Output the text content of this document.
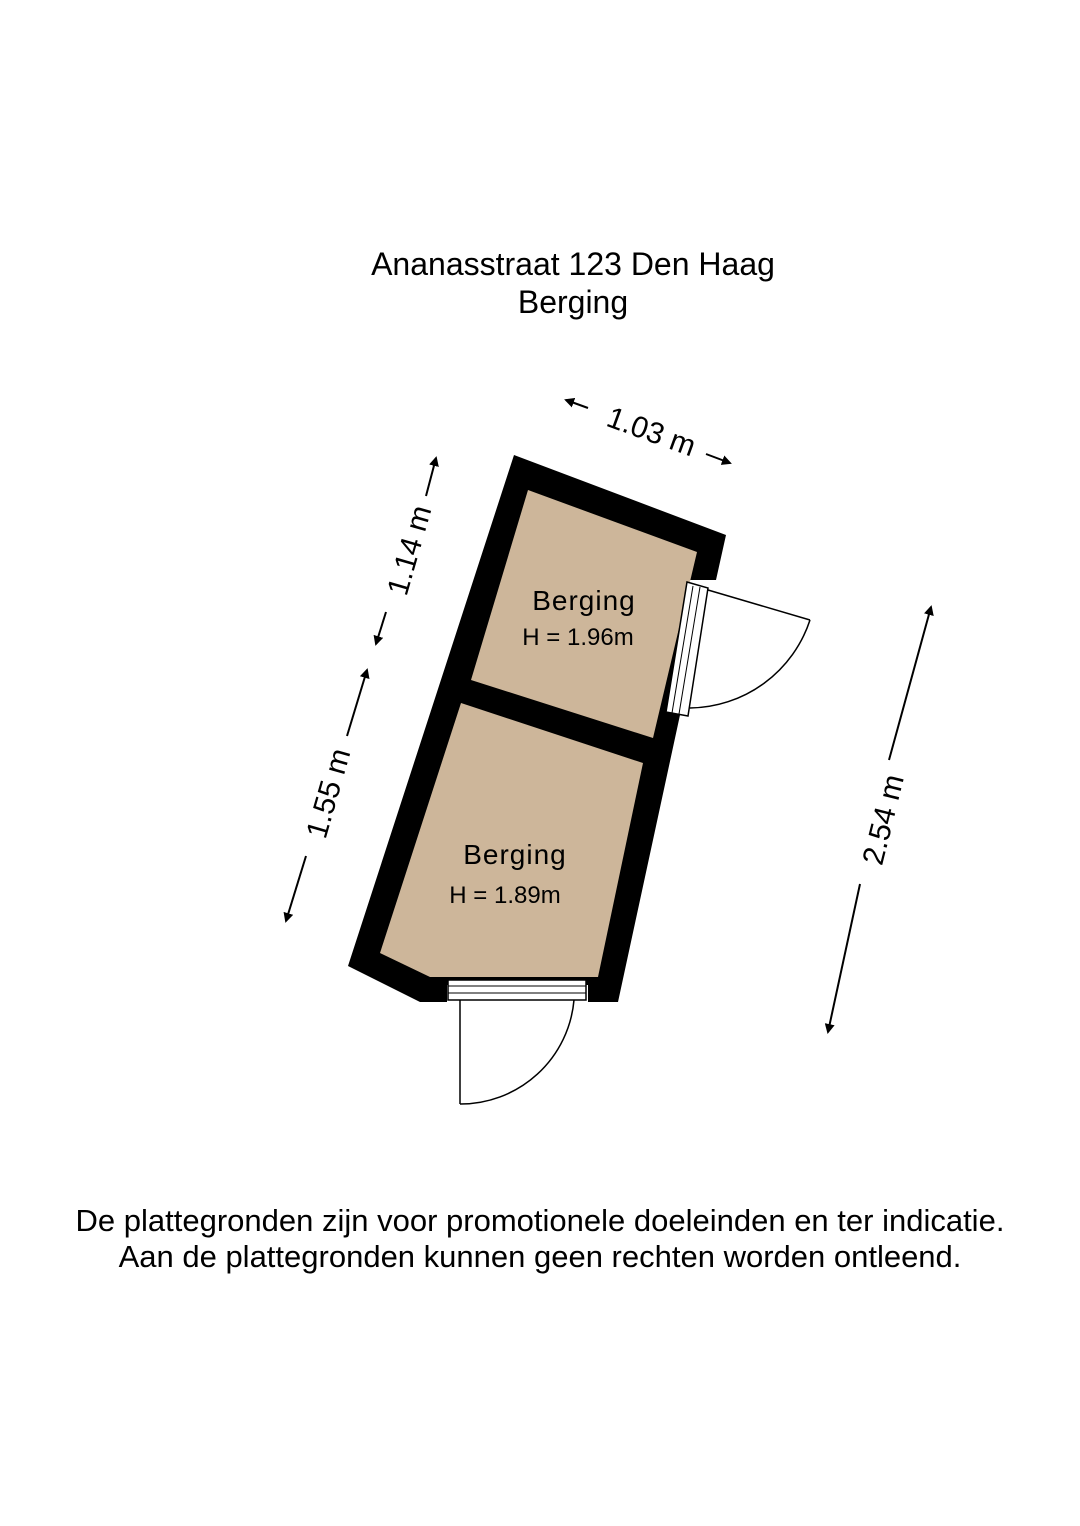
Ananasstraat 123 Den Haag
Berging
Berging
H = 1.96m
Berging
H = 1.89m
1.03 m
1.14 m
1.55 m	2.54 m
De plattegronden zijn voor promotionele doeleinden en ter indicatie.
Aan de plattegronden kunnen geen rechten worden ontleend.
